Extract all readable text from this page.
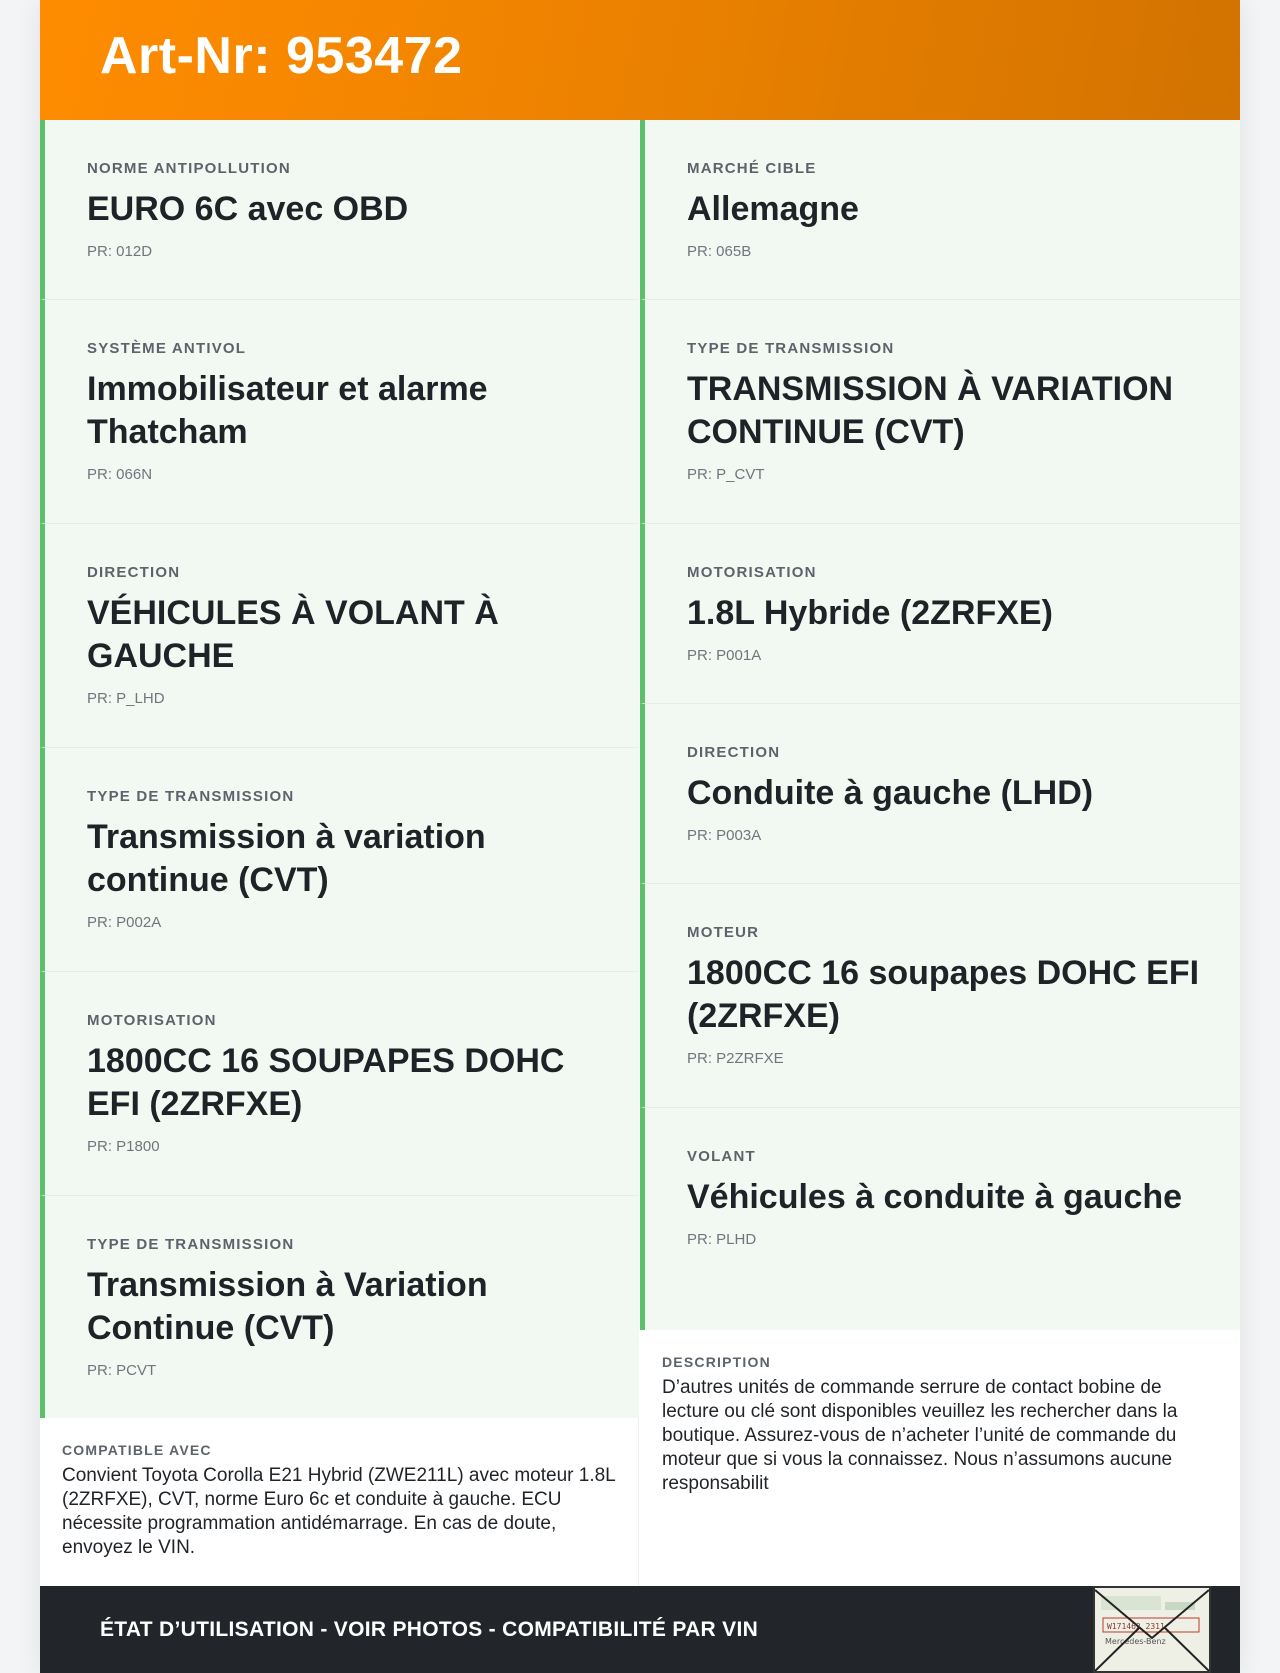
Art-Nr: 953472
NORME ANTIPOLLUTION
EURO 6C avec OBD
PR: 012D
SYSTÈME ANTIVOL
Immobilisateur et alarme Thatcham
PR: 066N
DIRECTION
VÉHICULES À VOLANT À GAUCHE
PR: P_LHD
TYPE DE TRANSMISSION
Transmission à variation continue (CVT)
PR: P002A
MOTORISATION
1800CC 16 SOUPAPES DOHC EFI (2ZRFXE)
PR: P1800
TYPE DE TRANSMISSION
Transmission à Variation Continue (CVT)
PR: PCVT
MARCHÉ CIBLE
Allemagne
PR: 065B
TYPE DE TRANSMISSION
TRANSMISSION À VARIATION CONTINUE (CVT)
PR: P_CVT
MOTORISATION
1.8L Hybride (2ZRFXE)
PR: P001A
DIRECTION
Conduite à gauche (LHD)
PR: P003A
MOTEUR
1800CC 16 soupapes DOHC EFI (2ZRFXE)
PR: P2ZRFXE
VOLANT
Véhicules à conduite à gauche
PR: PLHD
COMPATIBLE AVEC
Convient Toyota Corolla E21 Hybrid (ZWE211L) avec moteur 1.8L (2ZRFXE), CVT, norme Euro 6c et conduite à gauche. ECU nécessite programmation antidémarrage. En cas de doute, envoyez le VIN.
DESCRIPTION
D’autres unités de commande serrure de contact bobine de lecture ou clé sont disponibles veuillez les rechercher dans la boutique. Assurez-vous de n’acheter l’unité de commande du moteur que si vous la connaissez. Nous n’assumons aucune responsabilit
ÉTAT D’UTILISATION - VOIR PHOTOS - COMPATIBILITÉ PAR VIN	W171462 2311
Mercedes-Benz
